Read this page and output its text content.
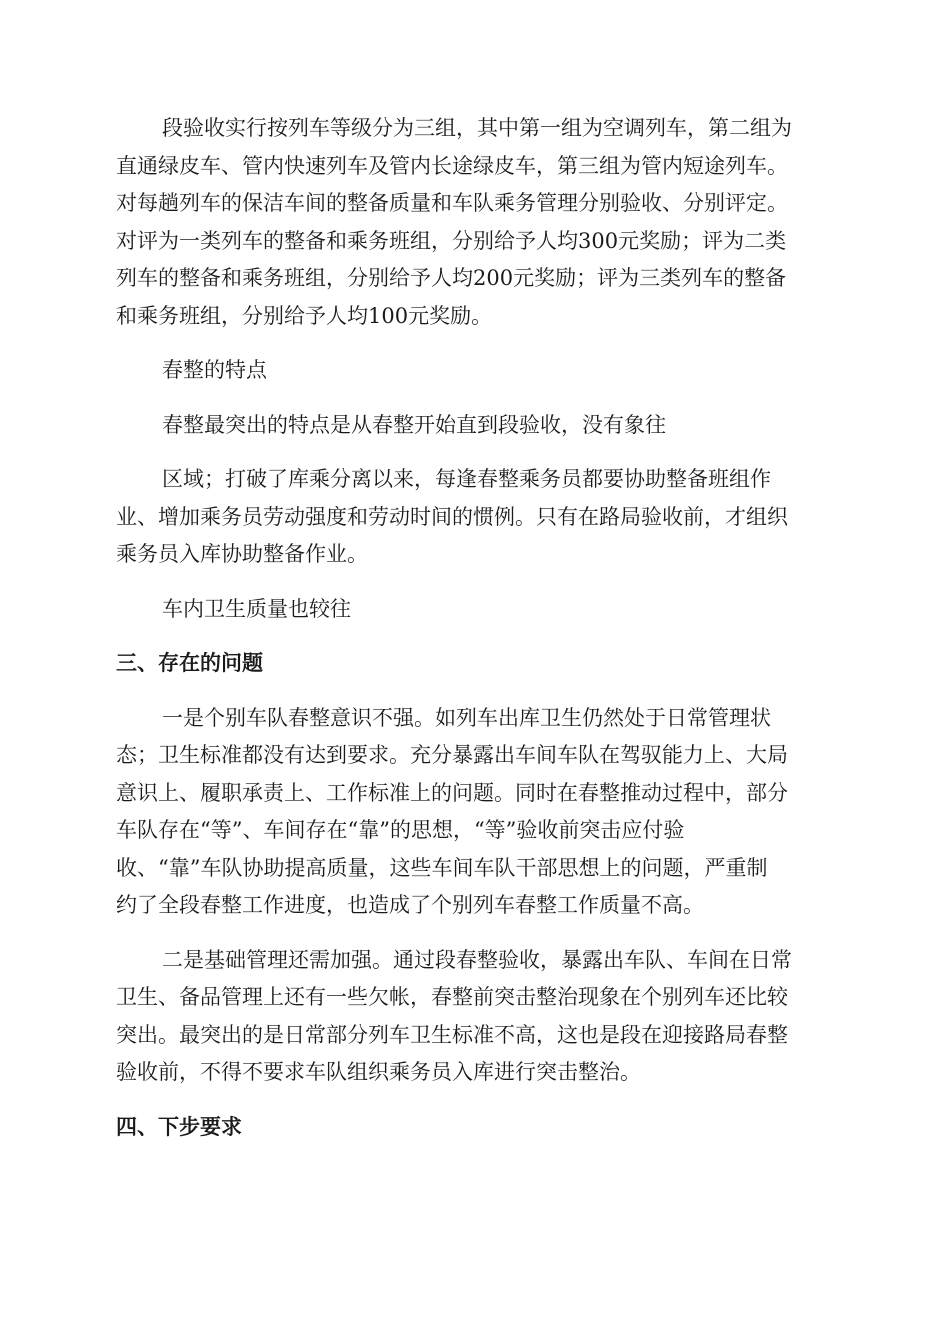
段验收实行按列车等级分为三组，其中第一组为空调列车，第二组为
直通绿皮车、管内快速列车及管内长途绿皮车，第三组为管内短途列车。
对每趟列车的保洁车间的整备质量和车队乘务管理分别验收、分别评定。
对评为一类列车的整备和乘务班组，分别给予人均300元奖励；评为二类
列车的整备和乘务班组，分别给予人均200元奖励；评为三类列车的整备
和乘务班组，分别给予人均100元奖励。

春整的特点

春整最突出的特点是从春整开始直到段验收，没有象往

区域；打破了库乘分离以来，每逢春整乘务员都要协助整备班组作
业、增加乘务员劳动强度和劳动时间的惯例。只有在路局验收前，才组织
乘务员入库协助整备作业。

车内卫生质量也较往

三、存在的问题

一是个别车队春整意识不强。如列车出库卫生仍然处于日常管理状
态；卫生标准都没有达到要求。充分暴露出车间车队在驾驭能力上、大局
意识上、履职承责上、工作标准上的问题。同时在春整推动过程中，部分
车队存在“等”、车间存在“靠”的思想，“等”验收前突击应付验
收、“靠”车队协助提高质量，这些车间车队干部思想上的问题，严重制
约了全段春整工作进度，也造成了个别列车春整工作质量不高。

二是基础管理还需加强。通过段春整验收，暴露出车队、车间在日常
卫生、备品管理上还有一些欠帐，春整前突击整治现象在个别列车还比较
突出。最突出的是日常部分列车卫生标准不高，这也是段在迎接路局春整
验收前，不得不要求车队组织乘务员入库进行突击整治。

四、下步要求
